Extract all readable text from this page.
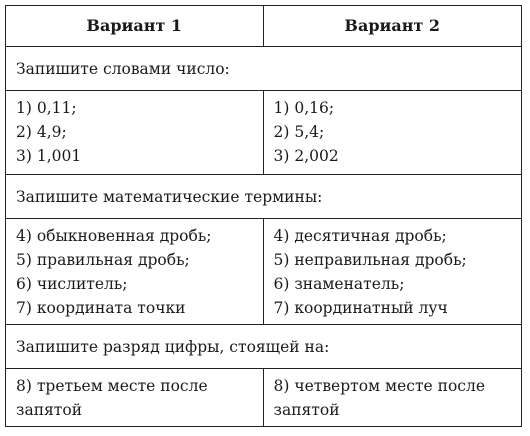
Вариант 1	Вариант 2
Запишите словами число:
1) 0,11;
2) 4,9;
3) 1,001
1) 0,16;
2) 5,4;
3) 2,002
Запишите математические термины:
4) обыкновенная дробь;
5) правильная дробь;
6) числитель;
7) координата точки
4) десятичная дробь;
5) неправильная дробь;
6) знаменатель;
7) координатный луч
Запишите разряд цифры, стоящей на:
8) третьем месте после запятой
8) четвертом месте после запятой
